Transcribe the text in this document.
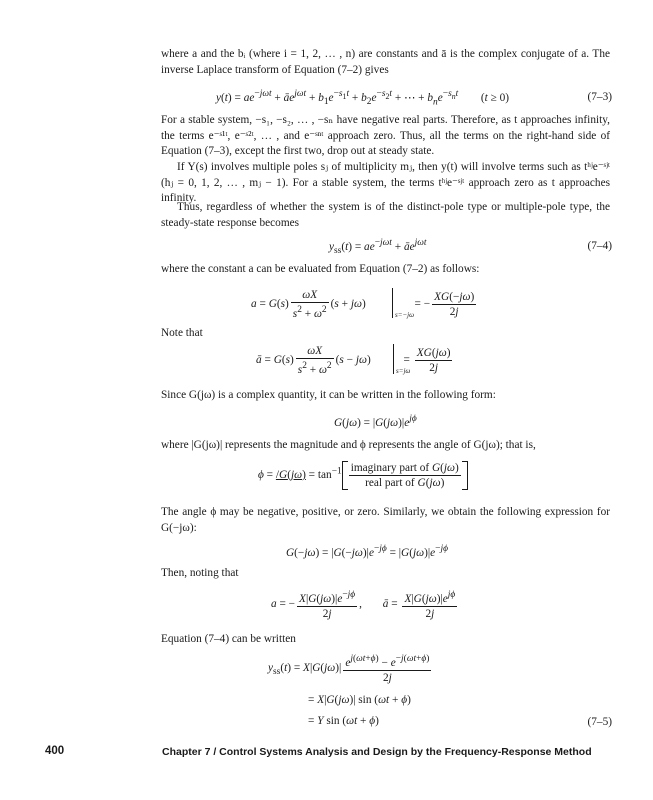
where a and the bᵢ (where i = 1, 2, … , n) are constants and ā is the complex conjugate of a. The inverse Laplace transform of Equation (7–2) gives
$y(t) = ae^{-j\omega t}$ + $āe^{j\omega t} + b_1e^{-s_1t} + b_2e^{-s_2t}$ + ⋯ + $b_ne^{-s_nt}$        (t ≥ 0)	(7–3)
For a stable system, −s₁, −s₂, … , −sₙ have negative real parts. Therefore, as t approaches infinity, the terms e⁻ˢ¹ᵗ, e⁻ˢ²ᵗ, … , and e⁻ˢⁿᵗ approach zero. Thus, all the terms on the right-hand side of Equation (7–3), except the first two, drop out at steady state.
If Y(s) involves multiple poles sⱼ of multiplicity mⱼ, then y(t) will involve terms such as tʰʲe⁻ˢʲᵗ (hⱼ = 0, 1, 2, … , mⱼ − 1). For a stable system, the terms tʰʲe⁻ˢʲᵗ approach zero as t approaches infinity.
Thus, regardless of whether the system is of the distinct-pole type or multiple-pole type, the steady-state response becomes
$y_{ss}(t) = ae^{-j\omega t}$ + $āe^{j\omega t}$	(7–4)
where the constant a can be evaluated from Equation (7–2) as follows:
$a = G(s) \frac{\omega X}{s^2 + \omega^2} (s + j\omega)$	= − $\frac{XG(-j\omega)}{2j}$
s=−jω
Note that
ā = $G(s) \frac{\omega X}{s^2 + \omega^2} (s - j\omega)$	= $\frac{XG(j\omega)}{2j}$
s=jω
Since G(jω) is a complex quantity, it can be written in the following form:
$G(j\omega) = |G(j\omega)|e^{j\phi}$
where |G(jω)| represents the magnitude and ϕ represents the angle of G(jω); that is,
$\phi = /G(j\omega) = \tan^{-1} \frac{\text{imaginary part of G(jω)}}{\text{real part of G(jω)}}$
The angle ϕ may be negative, positive, or zero. Similarly, we obtain the following expression for G(−jω):
$G(-j\omega) = |G(-j\omega)|e^{-j\phi} = |G(j\omega)|e^{-j\phi}$
Then, noting that
a = − $\frac{X|G(j\omega)|e^{-j\phi}}{2j}$ , ā = $\frac{X|G(j\omega)|e^{j\phi}}{2j}$
Equation (7–4) can be written
$y_{ss}(t) = X|G(j\omega)| \frac{e^{j(\omega t+\phi)} - e^{-j(\omega t+\phi)}}{2j}$
= X|G(jω)| sin (ωt + ϕ)
= Y sin (ωt + ϕ)	(7–5)
400	Chapter 7 / Control Systems Analysis and Design by the Frequency-Response Method
